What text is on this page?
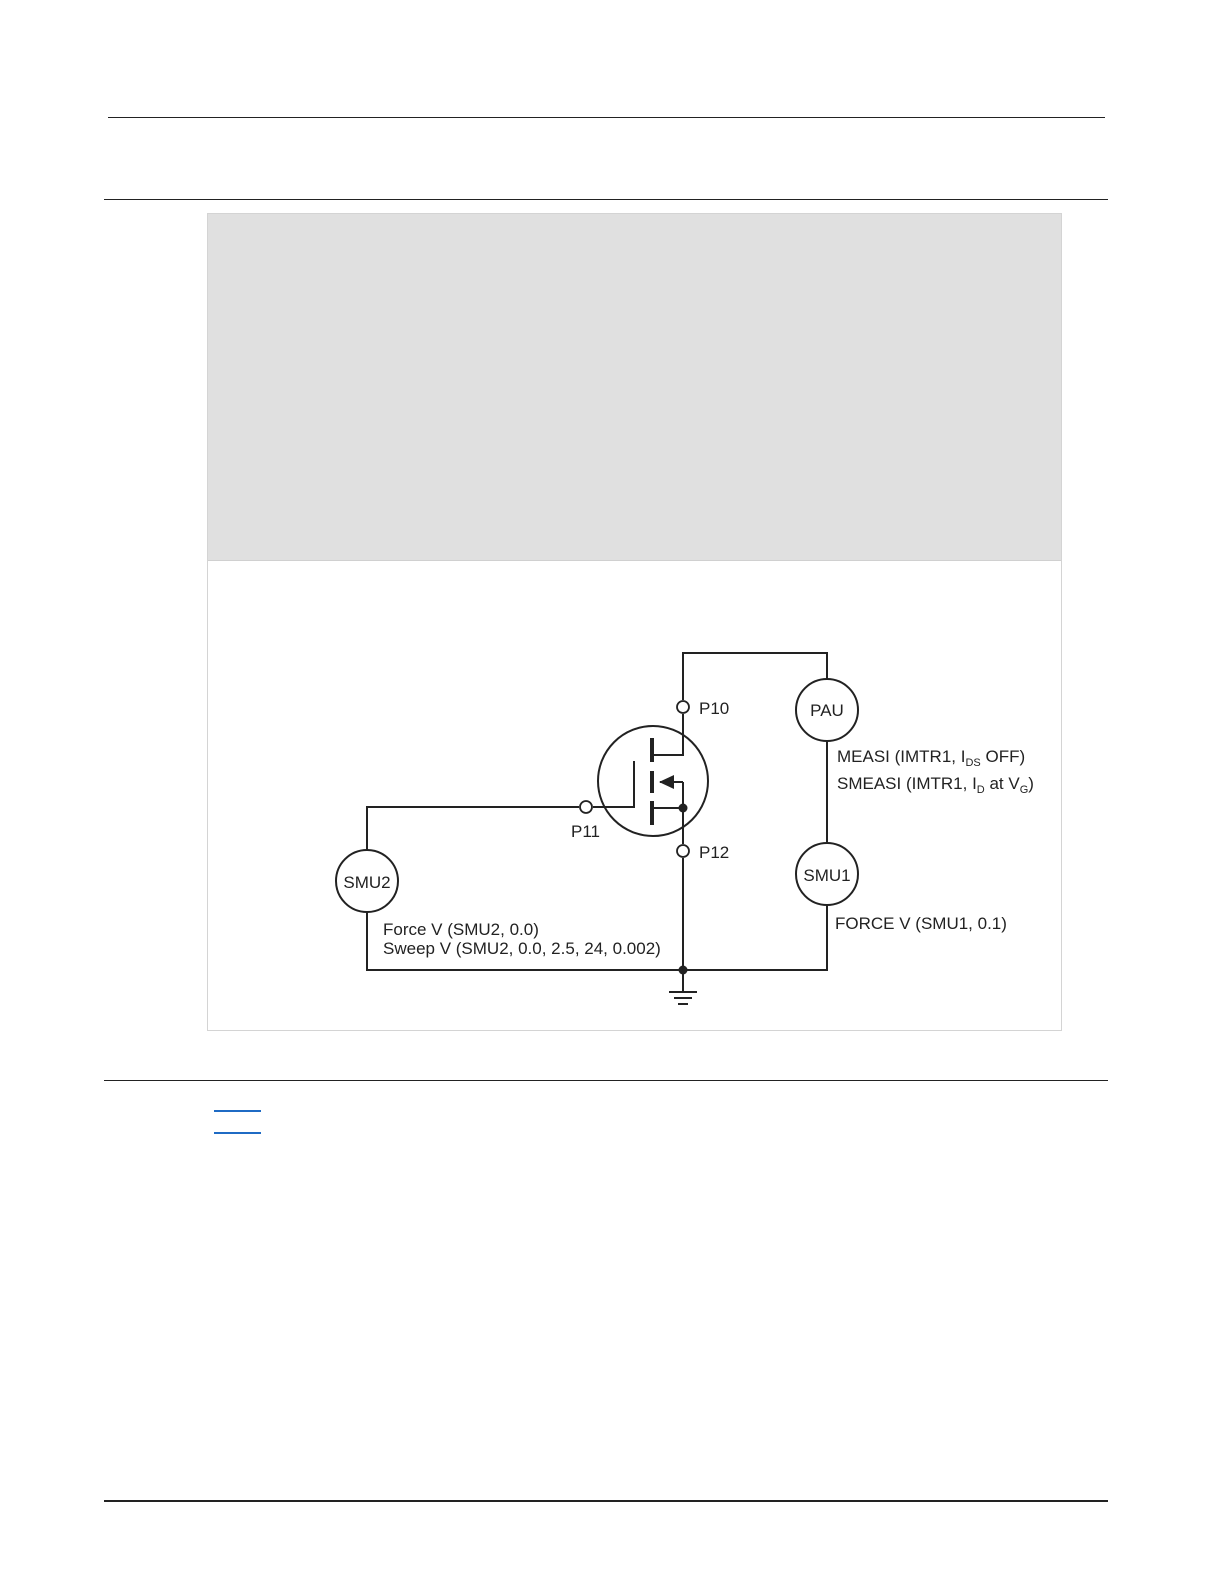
PAU
SMU1
SMU2
P10
P11
P12
MEASI (IMTR1, $I_{DS}$ OFF)
SMEASI (IMTR1, $I_D$ at $V_G$)
FORCE V (SMU1, 0.1)
Force V (SMU2, 0.0)
Sweep V (SMU2, 0.0, 2.5, 24, 0.002)
